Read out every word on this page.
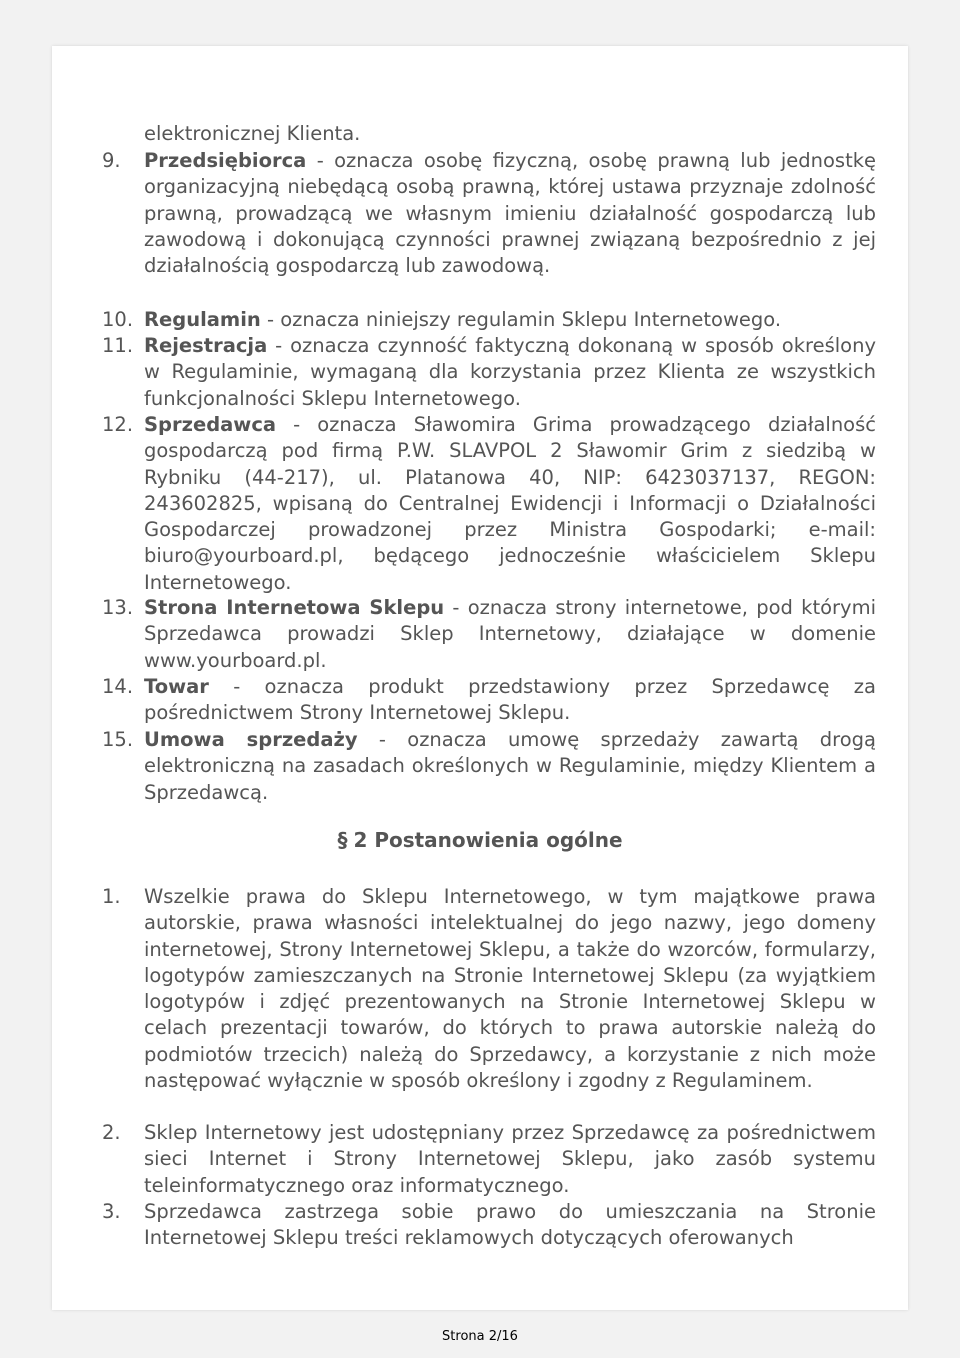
elektronicznej Klienta.
9.	Przedsiębiorca - oznacza osobę fizyczną, osobę prawną lub jednostkę organizacyjną niebędącą osobą prawną, której ustawa przyznaje zdolność prawną, prowadzącą we własnym imieniu działalność gospodarczą lub zawodową i dokonującą czynności prawnej związaną bezpośrednio z jej działalnością gospodarczą lub zawodową.
10. Regulamin - oznacza niniejszy regulamin Sklepu Internetowego.
11. Rejestracja - oznacza czynność faktyczną dokonaną w sposób określony w Regulaminie, wymaganą dla korzystania przez Klienta ze wszystkich funkcjonalności Sklepu Internetowego.
12. Sprzedawca - oznacza Sławomira Grima prowadzącego działalność gospodarczą pod firmą P.W. SLAVPOL 2 Sławomir Grim z siedzibą w Rybniku (44-217), ul. Platanowa 40, NIP: 6423037137, REGON: 243602825, wpisaną do Centralnej Ewidencji i Informacji o Działalności Gospodarczej prowadzonej przez Ministra Gospodarki; e-mail: biuro@yourboard.pl, będącego jednocześnie właścicielem Sklepu Internetowego.
13. Strona Internetowa Sklepu - oznacza strony internetowe, pod którymi Sprzedawca prowadzi Sklep Internetowy, działające w domenie www.yourboard.pl.
14. Towar - oznacza produkt przedstawiony przez Sprzedawcę za pośrednictwem Strony Internetowej Sklepu.
15. Umowa sprzedaży - oznacza umowę sprzedaży zawartą drogą elektroniczną na zasadach określonych w Regulaminie, między Klientem a Sprzedawcą.
§ 2 Postanowienia ogólne
1.	Wszelkie prawa do Sklepu Internetowego, w tym majątkowe prawa autorskie, prawa własności intelektualnej do jego nazwy, jego domeny internetowej, Strony Internetowej Sklepu, a także do wzorców, formularzy, logotypów zamieszczanych na Stronie Internetowej Sklepu (za wyjątkiem logotypów i zdjęć prezentowanych na Stronie Internetowej Sklepu w celach prezentacji towarów, do których to prawa autorskie należą do podmiotów trzecich) należą do Sprzedawcy, a korzystanie z nich może następować wyłącznie w sposób określony i zgodny z Regulaminem.
2.	Sklep Internetowy jest udostępniany przez Sprzedawcę za pośrednictwem sieci Internet i Strony Internetowej Sklepu, jako zasób systemu teleinformatycznego oraz informatycznego.
3.	Sprzedawca zastrzega sobie prawo do umieszczania na Stronie Internetowej Sklepu treści reklamowych dotyczących oferowanych
Strona 2/16
